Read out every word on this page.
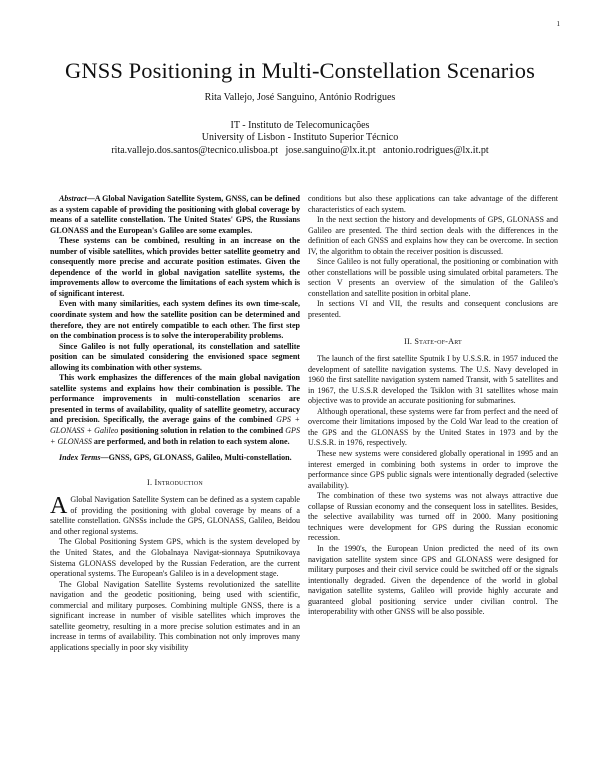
1
GNSS Positioning in Multi-Constellation Scenarios
Rita Vallejo, José Sanguino, António Rodrigues
IT - Instituto de Telecomunicações
University of Lisbon - Instituto Superior Técnico
rita.vallejo.dos.santos@tecnico.ulisboa.pt   jose.sanguino@lx.it.pt   antonio.rodrigues@lx.it.pt

Abstract—A Global Navigation Satellite System, GNSS, can be defined as a system capable of providing the positioning with global coverage by means of a satellite constellation. The United States' GPS, the Russians GLONASS and the European's Galileo are some examples.

These systems can be combined, resulting in an increase on the number of visible satellites, which provides better satellite geometry and consequently more precise and accurate position estimates. Given the dependence of the world in global navigation satellite systems, the improvements allow to overcome the limitations of each system which is of significant interest.

Even with many similarities, each system defines its own time-scale, coordinate system and how the satellite position can be determined and therefore, they are not entirely compatible to each other. The first step on the combination process is to solve the interoperability problems.

Since Galileo is not fully operational, its constellation and satellite position can be simulated considering the envisioned space segment allowing its combination with other systems.

This work emphasizes the differences of the main global navigation satellite systems and explains how their combination is possible. The performance improvements in multi-constellation scenarios are presented in terms of availability, quality of satellite geometry, accuracy and precision. Specifically, the average gains of the combined GPS + GLONASS + Galileo positioning solution in relation to the combined GPS + GLONASS are performed, and both in relation to each system alone.

Index Terms—GNSS, GPS, GLONASS, Galileo, Multi-constellation.

I. Introduction

A Global Navigation Satellite System can be defined as a system capable of providing the positioning with global coverage by means of a satellite constellation. GNSSs include the GPS, GLONASS, Galileo, Beidou and other regional systems.

The Global Positioning System GPS, which is the system developed by the United States, and the Globalnaya Navigat-sionnaya Sputnikovaya Sistema GLONASS developed by the Russian Federation, are the current operational systems. The European's Galileo is in a development stage.

The Global Navigation Satellite Systems revolutionized the satellite navigation and the geodetic positioning, being used with scientific, commercial and military purposes. Combining multiple GNSS, there is a significant increase in number of visible satellites which improves the satellite geometry, resulting in a more precise solution estimates and in an increase in terms of availability. This combination not only improves many applications specially in poor sky visibility

conditions but also these applications can take advantage of the different characteristics of each system.

In the next section the history and developments of GPS, GLONASS and Galileo are presented. The third section deals with the differences in the definition of each GNSS and explains how they can be overcome. In section IV, the algorithm to obtain the receiver position is discussed.

Since Galileo is not fully operational, the positioning or combination with other constellations will be possible using simulated orbital parameters. The section V presents an overview of the simulation of the Galileo's constellation and satellite position in orbital plane.

In sections VI and VII, the results and consequent conclusions are presented.

II. State-of-Art

The launch of the first satellite Sputnik I by U.S.S.R. in 1957 induced the development of satellite navigation systems. The U.S. Navy developed in 1960 the first satellite navigation system named Transit, with 5 satellites and in 1967, the U.S.S.R developed the Tsiklon with 31 satellites whose main objective was to provide an accurate positioning for submarines.

Although operational, these systems were far from perfect and the need of overcome their limitations imposed by the Cold War lead to the creation of the GPS and the GLONASS by the United States in 1973 and by the U.S.S.R. in 1976, respectively.

These new systems were considered globally operational in 1995 and an interest emerged in combining both systems in order to improve the performance since GPS public signals were intentionally degraded (selective availability).

The combination of these two systems was not always attractive due collapse of Russian economy and the consequent loss in satellites. Besides, the selective availability was turned off in 2000. Many positioning techniques were development for GPS during the Russian economic recession.

In the 1990's, the European Union predicted the need of its own navigation satellite system since GPS and GLONASS were designed for military purposes and their civil service could be switched off or the signals intentionally degraded. Given the dependence of the world in global navigation satellite systems, Galileo will provide highly accurate and guaranteed global positioning service under civilian control. The interoperability with other GNSS will be also possible.
